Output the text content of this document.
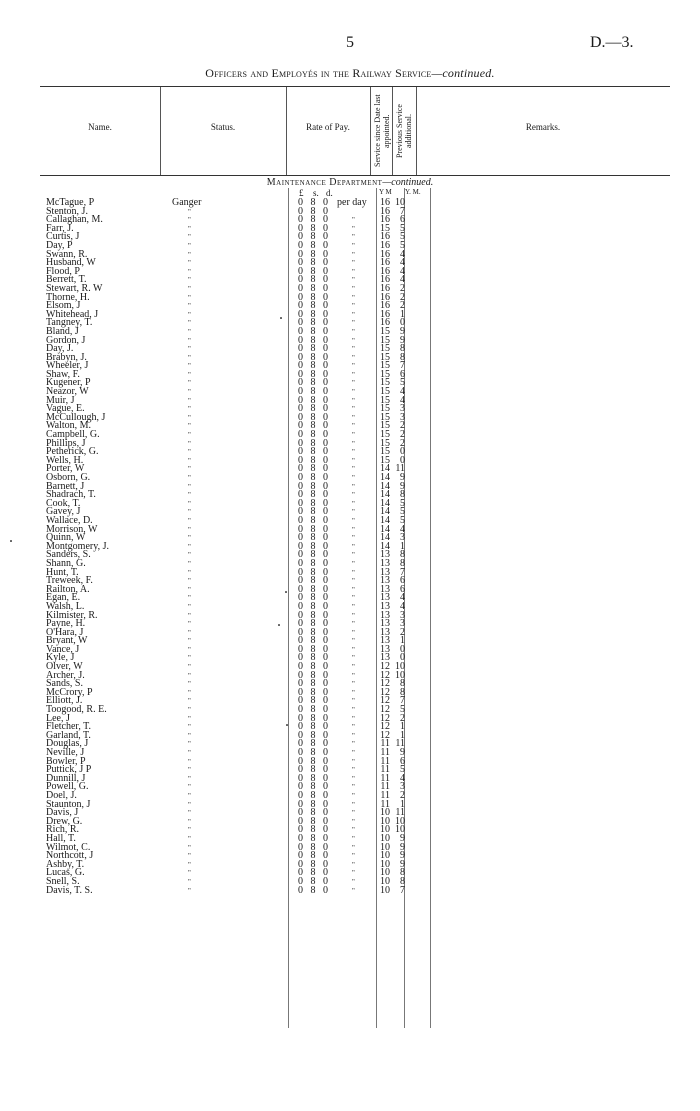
5	D.—3.
Officers and Employés in the Railway Service—continued.
Name.	Status.	Rate of Pay.	Service since Date last appointed. Previous Service additional.	Remarks.
Maintenance Department—continued.
£ s. d.	Y M Y. M.
McTague, P	Ganger	0 8 0 per day	16 10
Stenton, J.	"	0 8 0	16	7
Callaghan, M.	"	0 8 0	"	16	6
Farr, J.	"	0 8 0	"	15	5
Curtis, J	"	0 8 0	"	16	5
Day, P	"	0 8 0	"	16	5
Swann, R.	"	0 8 0	"	16	4
Husband, W	"	0 8 0	"	16	4
Flood, P	"	0 8 0	"	16	4
Berrett, T.	"	0 8 0	"	16	4
Stewart, R. W	"	0 8 0	"	16	2
Thorne, H.	"	0 8 0	"	16	2
Elsom, J	"	0 8 0	"	16	2
Whitehead, J	"	0 8 0	"	16	1
Tangney, T.	"	0 8 0	"	16	0
Bland, J	"	0 8 0	"	15	9
Gordon, J	"	0 8 0	"	15	9
Day, J.	"	0 8 0	"	15	8
Brabyn, J.	"	0 8 0	"	15	8
Wheeler, J	"	0 8 0	"	15	7
Shaw, F.	"	0 8 0	"	15	6
Kugener, P	"	0 8 0	"	15	5
Neazor, W	"	0 8 0	"	15	4
Muir, J	"	0 8 0	"	15	4
Vague, E.	"	0 8 0	"	15	3
McCullough, J	"	0 8 0	"	15	3
Walton, M.	"	0 8 0	"	15	2
Campbell, G.	"	0 8 0	"	15	2
Phillips, J	"	0 8 0	"	15	2
Petherick, G.	"	0 8 0	"	15	0
Wells, H.	"	0 8 0	"	15	0
Porter, W	"	0 8 0	"	14 11
Osborn, G.	"	0 8 0	"	14	9
Barnett, J	"	0 8 0	"	14	9
Shadrach, T.	"	0 8 0	"	14	8
Cook, T.	"	0 8 0	"	14	5
Gavey, J	"	0 8 0	"	14	5
Wallace, D.	"	0 8 0	"	14	5
Morrison, W	"	0 8 0	"	14	4
Quinn, W	"	0 8 0	"	14	3
Montgomery, J.	"	0 8 0	"	14	1
Sanders, S.	"	0 8 0	"	13	8
Shann, G.	"	0 8 0	"	13	8
Hunt, T.	"	0 8 0	"	13	7
Treweek, F.	"	0 8 0	"	13	6
Railton, A.	"	0 8 0	"	13	6
Egan, E.	"	0 8 0	"	13	4
Walsh, L.	"	0 8 0	"	13	4
Kilmister, R.	"	0 8 0	"	13	3
Payne, H.	"	0 8 0	"	13	3
O'Hara, J	"	0 8 0	"	13	2
Bryant, W	"	0 8 0	"	13	1
Vance, J	"	0 8 0	"	13	0
Kyle, J	"	0 8 0	"	13	0
Olver, W	"	0 8 0	"	12 10
Archer, J.	"	0 8 0	"	12 10
Sands, S.	"	0 8 0	"	12	8
McCrory, P	"	0 8 0	"	12	8
Elliott, J.	"	0 8 0	"	12	7
Toogood, R. E.	"	0 8 0	"	12	5
Lee, J	"	0 8 0	"	12	2
Fletcher, T.	"	0 8 0	"	12	1
Garland, T.	"	0 8 0	"	12	1
Douglas, J	"	0 8 0	"	11 11
Neville, J	"	0 8 0	"	11	9
Bowler, P	"	0 8 0	"	11	6
Puttick, J P	"	0 8 0	"	11	5
Dunnill, J	"	0 8 0	"	11	4
Powell, G.	"	0 8 0	"	11	3
Doel, J.	"	0 8 0	"	11	2
Staunton, J	"	0 8 0	"	11	1
Davis, J	"	0 8 0	"	10 11
Drew, G.	"	0 8 0	"	10 10
Rich, R.	"	0 8 0	"	10 10
Hall, T.	"	0 8 0	"	10	9
Wilmot, C.	"	0 8 0	"	10	9
Northcott, J	"	0 8 0	"	10	9
Ashby, T.	"	0 8 0	"	10	9
Lucas, G.	"	0 8 0	"	10	8
Snell, S.	"	0 8 0	"	10	8
Davis, T. S.	"	0 8 0	"	10	7
